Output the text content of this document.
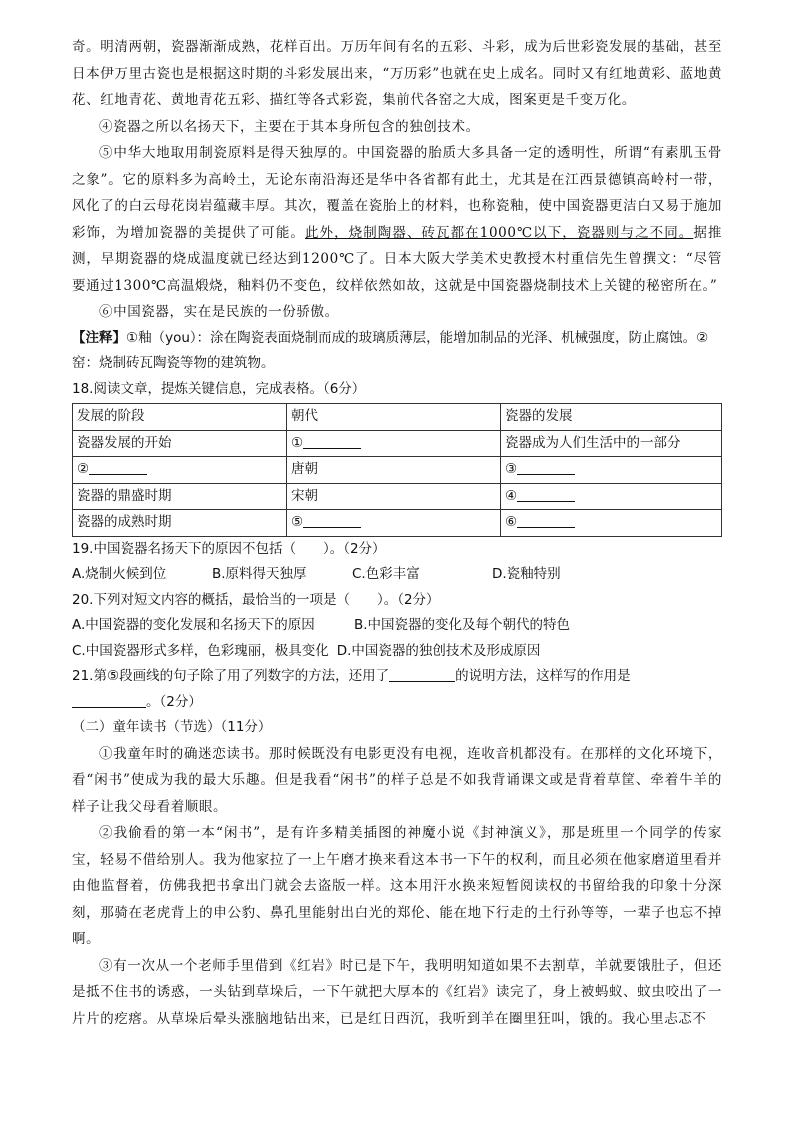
奇。明清两朝，瓷器渐渐成熟，花样百出。万历年间有名的五彩、斗彩，成为后世彩瓷发展的基础，甚至日本伊万里古瓷也是根据这时期的斗彩发展出来，“万历彩”也就在史上成名。同时又有红地黄彩、蓝地黄花、红地青花、黄地青花五彩、描红等各式彩瓷，集前代各窑之大成，图案更是千变万化。

④瓷器之所以名扬天下，主要在于其本身所包含的独创技术。

⑤中华大地取用制瓷原料是得天独厚的。中国瓷器的胎质大多具备一定的透明性，所谓“有素肌玉骨之象”。它的原料多为高岭土，无论东南沿海还是华中各省都有此土，尤其是在江西景德镇高岭村一带，风化了的白云母花岗岩蕴藏丰厚。其次，覆盖在瓷胎上的材料，也称瓷釉，使中国瓷器更洁白又易于施加彩饰，为增加瓷器的美提供了可能。此外，烧制陶器、砖瓦都在1000℃以下，瓷器则与之不同。据推测，早期瓷器的烧成温度就已经达到1200℃了。日本大阪大学美术史教授木村重信先生曾撰文：“尽管要通过1300℃高温煅烧，釉料仍不变色，纹样依然如故，这就是中国瓷器烧制技术上关键的秘密所在。”

⑥中国瓷器，实在是民族的一份骄傲。

【注释】①釉（you）：涂在陶瓷表面烧制而成的玻璃质薄层，能增加制品的光泽、机械强度，防止腐蚀。②窑：烧制砖瓦陶瓷等物的建筑物。

18.阅读文章，提炼关键信息，完成表格。（6分）

发展的阶段	朝代	瓷器的发展
瓷器发展的开始	①	瓷器成为人们生活中的一部分
②	唐朝	③
瓷器的鼎盛时期	宋朝	④
瓷器的成熟时期	⑤	⑥

19.中国瓷器名扬天下的原因不包括（　　）。（2分）

A.烧制火候到位	B.原料得天独厚	C.色彩丰富	D.瓷釉特别

20.下列对短文内容的概括，最恰当的一项是（　　）。（2分）

A.中国瓷器的变化发展和名扬天下的原因	B.中国瓷器的变化及每个朝代的特色
C.中国瓷器形式多样，色彩瑰丽，极具变化 D.中国瓷器的独创技术及形成原因

21.第⑤段画线的句子除了用了列数字的方法，还用了	的说明方法，这样写的作用是

。（2分）

（二）童年读书（节选）（11分）

①我童年时的确迷恋读书。那时候既没有电影更没有电视，连收音机都没有。在那样的文化环境下，看“闲书”使成为我的最大乐趣。但是我看“闲书”的样子总是不如我背诵课文或是背着草筐、牵着牛羊的样子让我父母看着顺眼。

②我偷看的第一本“闲书”，是有许多精美插图的神魔小说《封神演义》，那是班里一个同学的传家宝，轻易不借给别人。我为他家拉了一上午磨才换来看这本书一下午的权利，而且必须在他家磨道里看并由他监督着，仿佛我把书拿出门就会去盗版一样。这本用汗水换来短暂阅读权的书留给我的印象十分深刻，那骑在老虎背上的申公豹、鼻孔里能射出白光的郑伦、能在地下行走的土行孙等等，一辈子也忘不掉啊。

③有一次从一个老师手里借到《红岩》时已是下午，我明明知道如果不去割草，羊就要饿肚子，但还是抵不住书的诱惑，一头钻到草垛后，一下午就把大厚本的《红岩》读完了，身上被蚂蚁、蚊虫咬出了一片片的疙瘩。从草垛后晕头涨脑地钻出来，已是红日西沉，我听到羊在圈里狂叫，饿的。我心里忐忑不
